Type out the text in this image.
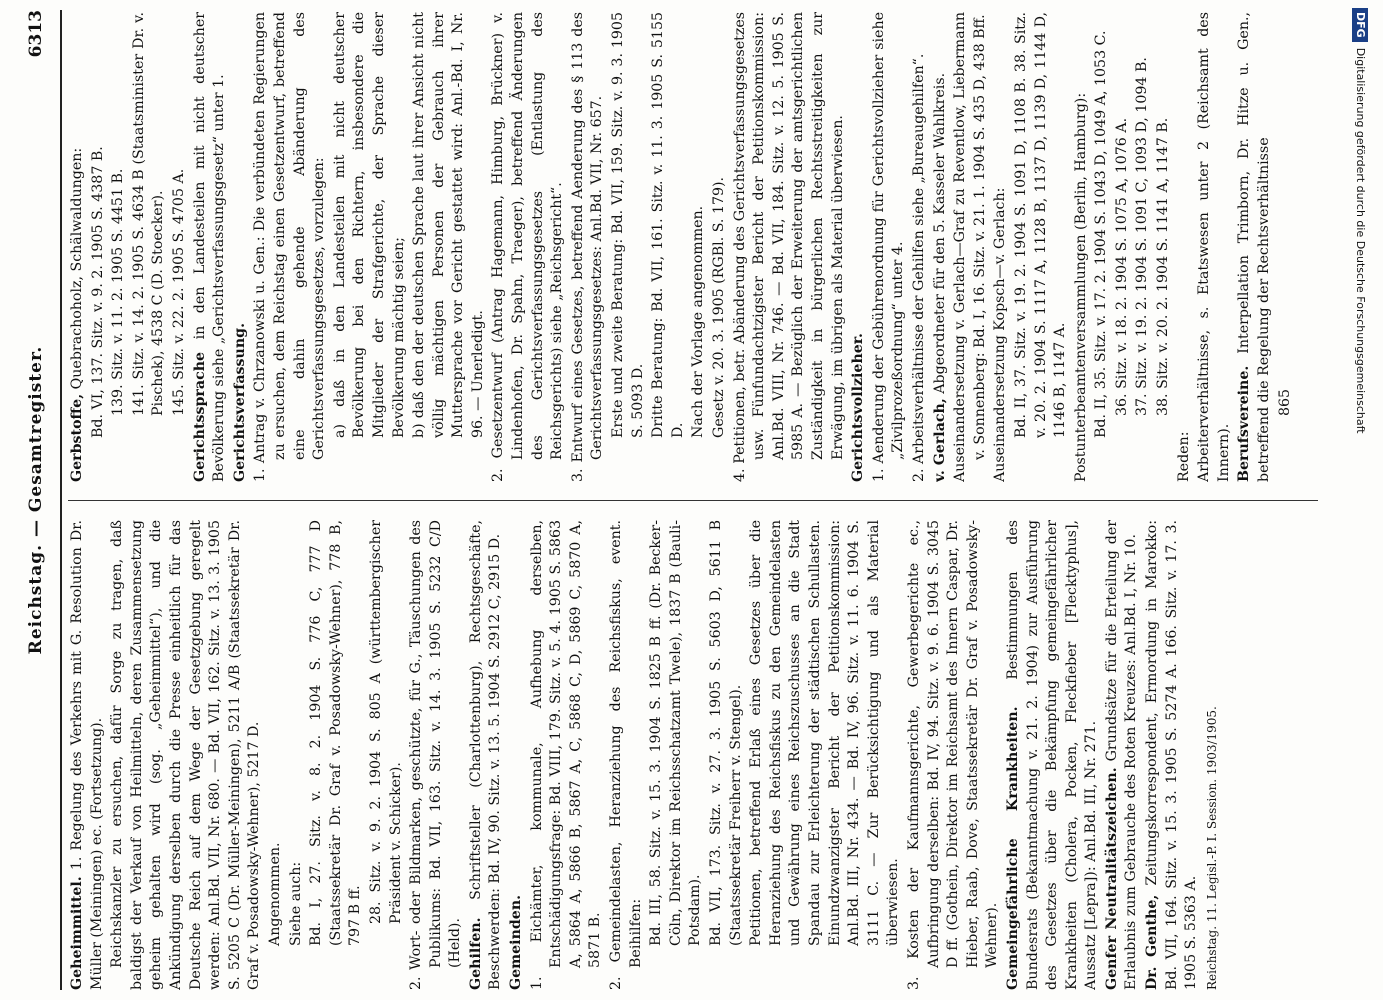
Reichstag. — Gesamtregister.
6313

Geheimmittel. 1. Regelung des Verkehrs mit G. Resolution Dr. Müller (Meiningen) ec. (Fortsetzung). Reichskanzler zu ersuchen, dafür Sorge zu tragen, daß baldigst der Verkauf von Heilmitteln, deren Zusammensetzung geheim gehalten wird (sog. „Geheimmittel“), und die Ankündigung derselben durch die Presse einheitlich für das Deutsche Reich auf dem Wege der Gesetzgebung geregelt werden: Anl.Bd. VII, Nr. 680. — Bd. VII, 162. Sitz. v. 13. 3. 1905 S. 5205 C (Dr. Müller-Meiningen), 5211 A/B (Staatssekretär Dr. Graf v. Posadowsky-Wehner), 5217 D. Angenommen. Siehe auch: Bd. I, 27. Sitz. v. 8. 2. 1904 S. 776 C, 777 D (Staatssekretär Dr. Graf v. Posadowsky-Wehner), 778 B, 797 B ff. 28. Sitz. v. 9. 2. 1904 S. 805 A (württembergischer Präsident v. Schicker). 2. Wort- oder Bildmarken, geschützte, für G., Täuschungen des Publikums: Bd. VII, 163. Sitz. v. 14. 3. 1905 S. 5232 C/D (Held). Gehilfen. Schriftsteller (Charlottenburg), Rechtsgeschäfte, Beschwerden: Bd. IV, 90. Sitz. v. 13. 5. 1904 S. 2912 C, 2915 D. Gemeinden. 1. Eichämter, kommunale, Aufhebung derselben, Entschädigungsfrage: Bd. VIII, 179. Sitz. v. 5. 4. 1905 S. 5863 A, 5864 A, 5866 B, 5867 A, C, 5868 C, D, 5869 C, 5870 A, 5871 B. 2. Gemeindelasten, Heranziehung des Reichsfiskus, event. Beihilfen: Bd. III, 58. Sitz. v. 15. 3. 1904 S. 1825 B ff. (Dr. Becker-Cöln, Direktor im Reichsschatzamt Twele), 1837 B (Bauli-Potsdam). Bd. VII, 173. Sitz. v. 27. 3. 1905 S. 5603 D, 5611 B (Staatssekretär Freiherr v. Stengel). Petitionen, betreffend Erlaß eines Gesetzes über die Heranziehung des Reichsfiskus zu den Gemeindelasten und Gewährung eines Reichszuschusses an die Stadt Spandau zur Erleichterung der städtischen Schullasten. Einundzwanzigster Bericht der Petitionskommission: Anl.Bd. III, Nr. 434. — Bd. IV, 96. Sitz. v. 11. 6. 1904 S. 3111 C. — Zur Berücksichtigung und als Material überwiesen. 3. Kosten der Kaufmannsgerichte, Gewerbegerichte ec., Aufbringung derselben: Bd. IV, 94. Sitz. v. 9. 6. 1904 S. 3045 D ff. (Gothein, Direktor im Reichsamt des Innern Caspar, Dr. Hieber, Raab, Dove, Staatssekretär Dr. Graf v. Posadowsky-Wehner). Gemeingefährliche Krankheiten. Bestimmungen des Bundesrats (Bekanntmachung v. 21. 2. 1904) zur Ausführung des Gesetzes über die Bekämpfung gemeingefährlicher Krankheiten (Cholera, Pocken, Fleckfieber [Flecktyphus], Aussatz [Lepra]): Anl.Bd. III, Nr. 271. Genfer Neutralitätszeichen. Grundsätze für die Erteilung der Erlaubnis zum Gebrauche des Roten Kreuzes: Anl.Bd. I, Nr. 10. Dr. Genthe, Zeitungskorrespondent, Ermordung in Marokko: Bd. VII, 164. Sitz. v. 15. 3. 1905 S. 5274 A. 166. Sitz. v. 17. 3. 1905 S. 5363 A. Reichstag. 11. Legisl.-P. I. Session. 1903/1905.

Gerbstoffe, Quebrachoholz, Schälwaldungen: Bd. VI, 137. Sitz. v. 9. 2. 1905 S. 4387 B. 139. Sitz. v. 11. 2. 1905 S. 4451 B. 141. Sitz. v. 14. 2. 1905 S. 4634 B (Staatsminister Dr. v. Pischek), 4538 C (D. Stoecker). 145. Sitz. v. 22. 2. 1905 S. 4705 A.

Gerichtssprache in den Landesteilen mit nicht deutscher Bevölkerung siehe „Gerichtsverfassungsgesetz“ unter 1. Gerichtsverfassung. 1. Antrag v. Chrzanowski u. Gen.: Die verbündeten Regierungen zu ersuchen, dem Reichstag einen Gesetzentwurf, betreffend eine dahin gehende Abänderung des Gerichtsverfassungsgesetzes, vorzulegen: a) daß in den Landesteilen mit nicht deutscher Bevölkerung bei den Richtern, insbesondere die Mitglieder der Strafgerichte, der Sprache dieser Bevölkerung mächtig seien; b) daß den der deutschen Sprache laut ihrer Ansicht nicht völlig mächtigen Personen der Gebrauch ihrer Muttersprache vor Gericht gestattet wird: Anl.-Bd. I, Nr. 96. — Unerledigt. 2. Gesetzentwurf (Antrag Hagemann, Himburg, Brückner) v. Lindenhofen, Dr. Spahn, Traeger), betreffend Änderungen des Gerichtsverfassungsgesetzes (Entlastung des Reichsgerichts) siehe „Reichsgericht“. 3. Entwurf eines Gesetzes, betreffend Aenderung des § 113 des Gerichtsverfassungsgesetzes: Anl.Bd. VII, Nr. 657. Erste und zweite Beratung: Bd. VII, 159. Sitz. v. 9. 3. 1905 S. 5093 D. Dritte Beratung: Bd. VII, 161. Sitz. v. 11. 3. 1905 S. 5155 D. Nach der Vorlage angenommen. Gesetz v. 20. 3. 1905 (RGBl. S. 179). 4. Petitionen, betr. Abänderung des Gerichtsverfassungsgesetzes usw. Fünfundachtzigster Bericht der Petitionskommission: Anl.Bd. VIII, Nr. 746. — Bd. VII, 184. Sitz. v. 12. 5. 1905 S. 5985 A. — Bezüglich der Erweiterung der amtsgerichtlichen Zuständigkeit in bürgerlichen Rechtsstreitigkeiten zur Erwägung, im übrigen als Material überwiesen. Gerichtsvollzieher. 1. Aenderung der Gebührenordnung für Gerichtsvollzieher siehe „Zivilprozeßordnung“ unter 4. 2. Arbeitsverhältnisse der Gehilfen siehe „Bureaugehilfen“. v. Gerlach, Abgeordneter für den 5. Kasseler Wahlkreis. Auseinandersetzung v. Gerlach—Graf zu Reventlow, Liebermann v. Sonnenberg: Bd. I, 16. Sitz. v. 21. 1. 1904 S. 435 D, 438 Bff. Auseinandersetzung Kopsch—v. Gerlach: Bd. II, 37. Sitz. v. 19. 2. 1904 S. 1091 D, 1108 B. 38. Sitz. v. 20. 2. 1904 S. 1117 A, 1128 B, 1137 D, 1139 D, 1144 D, 1146 B, 1147 A. Postunterbeamtenversammlungen (Berlin, Hamburg): Bd. II, 35. Sitz. v. 17. 2. 1904 S. 1043 D, 1049 A, 1053 C. 36. Sitz. v. 18. 2. 1904 S. 1075 A, 1076 A. 37. Sitz. v. 19. 2. 1904 S. 1091 C, 1093 D, 1094 B. 38. Sitz. v. 20. 2. 1904 S. 1141 A, 1147 B.

Reden: Arbeiterverhältnisse, s. Etatswesen unter 2 (Reichsamt des Innern). Berufsvereine. Interpellation Trimborn, Dr. Hitze u. Gen., betreffend die Regelung der Rechtsverhältnisse 865

DFGDigitalisierung gefördert durch die Deutsche Forschungsgemeinschaft
